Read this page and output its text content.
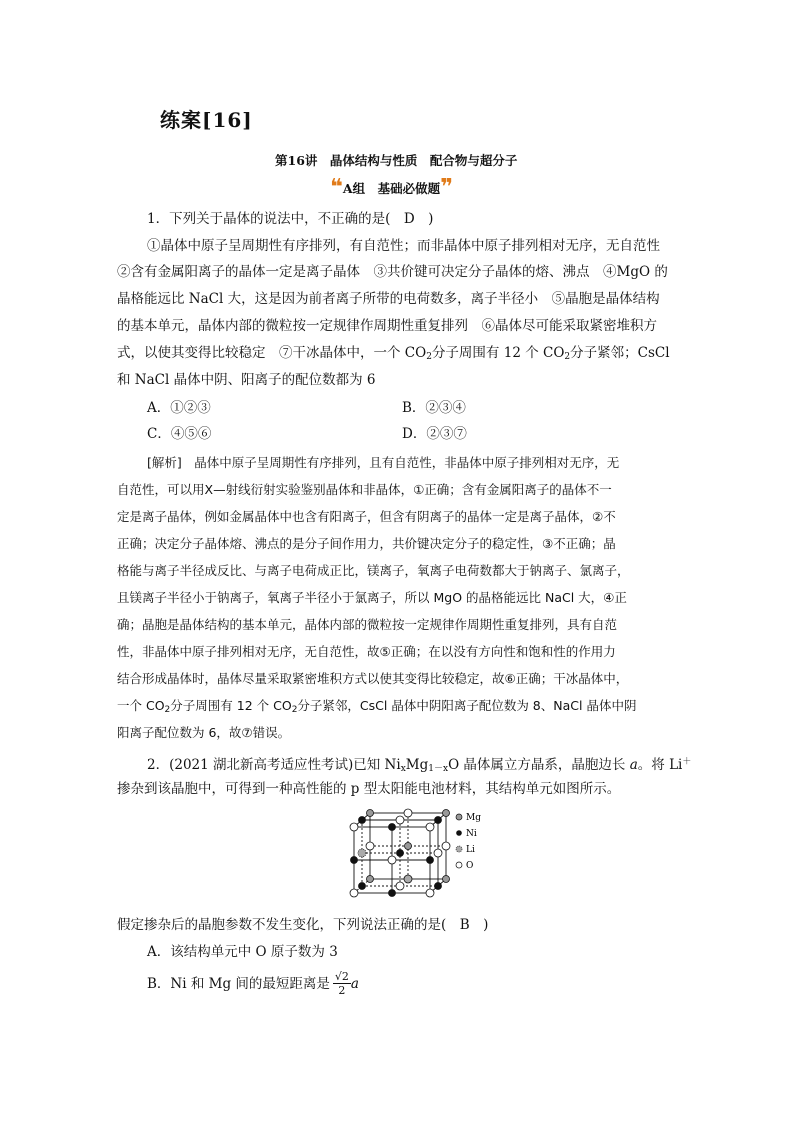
练案[16]
第16讲　晶体结构与性质　配合物与超分子
❝ A组　基础必做题 ❞
1．下列关于晶体的说法中，不正确的是(　D　)
①晶体中原子呈周期性有序排列，有自范性；而非晶体中原子排列相对无序，无自范性
②含有金属阳离子的晶体一定是离子晶体　③共价键可决定分子晶体的熔、沸点　④MgO 的
晶格能远比 NaCl 大，这是因为前者离子所带的电荷数多，离子半径小　⑤晶胞是晶体结构
的基本单元，晶体内部的微粒按一定规律作周期性重复排列　⑥晶体尽可能采取紧密堆积方
式，以使其变得比较稳定　⑦干冰晶体中，一个 $CO_2$分子周围有 12 个 $CO_2$分子紧邻；CsCl
和 NaCl 晶体中阴、阳离子的配位数都为 6
A．①②③	B．②③④
C．④⑤⑥	D．②③⑦
[解析]　晶体中原子呈周期性有序排列，且有自范性，非晶体中原子排列相对无序，无
自范性，可以用X—射线衍射实验鉴别晶体和非晶体，①正确；含有金属阳离子的晶体不一
定是离子晶体，例如金属晶体中也含有阳离子，但含有阴离子的晶体一定是离子晶体，②不
正确；决定分子晶体熔、沸点的是分子间作用力，共价键决定分子的稳定性，③不正确；晶
格能与离子半径成反比、与离子电荷成正比，镁离子，氧离子电荷数都大于钠离子、氯离子，
且镁离子半径小于钠离子，氧离子半径小于氯离子，所以 MgO 的晶格能远比 NaCl 大，④正
确；晶胞是晶体结构的基本单元，晶体内部的微粒按一定规律作周期性重复排列，具有自范
性，非晶体中原子排列相对无序，无自范性，故⑤正确；在以没有方向性和饱和性的作用力
结合形成晶体时，晶体尽量采取紧密堆积方式以使其变得比较稳定，故⑥正确；干冰晶体中，
一个 $CO_2$分子周围有 12 个 $CO_2$分子紧邻，CsCl 晶体中阴阳离子配位数为 8、NaCl 晶体中阴
阳离子配位数为 6，故⑦错误。
2．(2021 湖北新高考适应性考试)已知 $Ni_xMg_{1-x}O$ 晶体属立方晶系，晶胞边长 a。将 Li＋
掺杂到该晶胞中，可得到一种高性能的 p 型太阳能电池材料，其结构单元如图所示。
Mg
Ni
Li
O
假定掺杂后的晶胞参数不发生变化，下列说法正确的是(　B　)
A．该结构单元中 O 原子数为 3
B．Ni 和 Mg 间的最短距离是 $\frac{√2}{2}$ a
